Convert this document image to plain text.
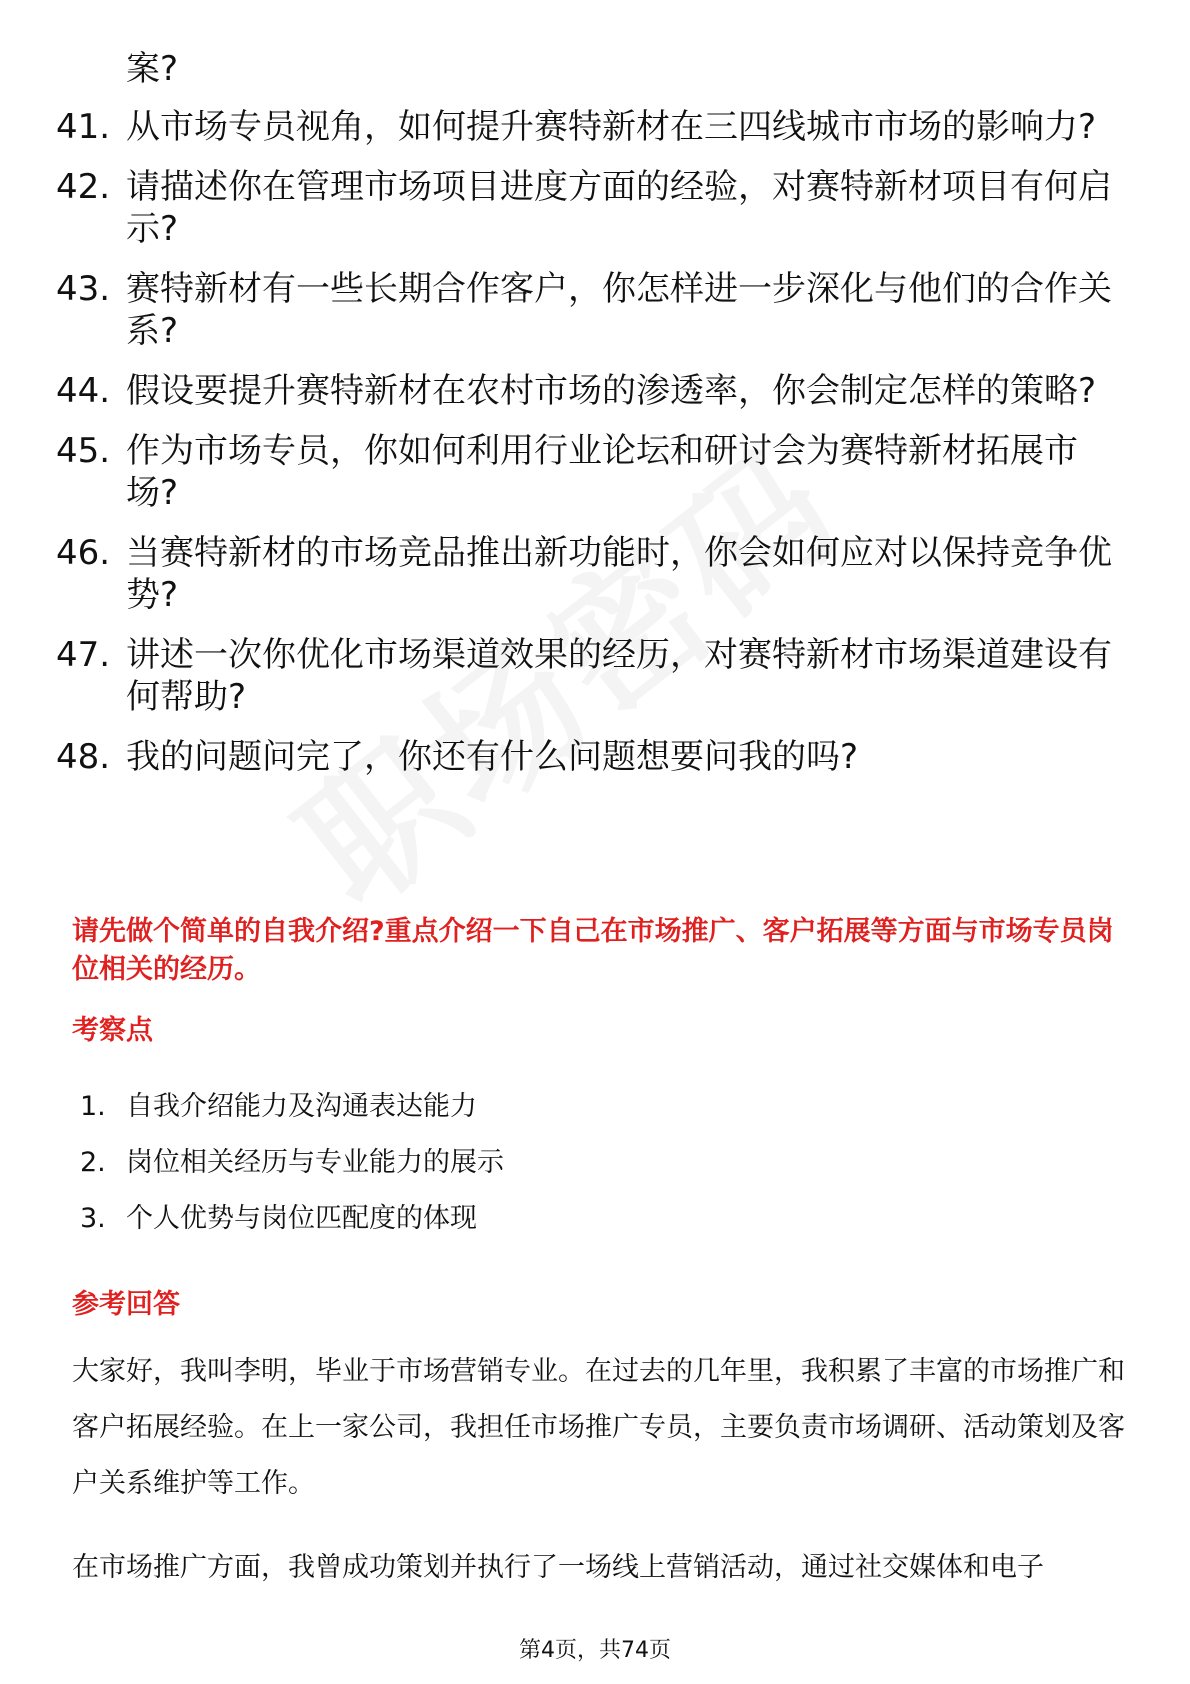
案?
41. 从市场专员视角，如何提升赛特新材在三四线城市市场的影响力?
42. 请描述你在管理市场项目进度方面的经验，对赛特新材项目有何启示?
43. 赛特新材有一些长期合作客户，你怎样进一步深化与他们的合作关系?
44. 假设要提升赛特新材在农村市场的渗透率，你会制定怎样的策略?
45. 作为市场专员，你如何利用行业论坛和研讨会为赛特新材拓展市场?
46. 当赛特新材的市场竞品推出新功能时，你会如何应对以保持竞争优势?
47. 讲述一次你优化市场渠道效果的经历，对赛特新材市场渠道建设有何帮助?
48. 我的问题问完了，你还有什么问题想要问我的吗?
请先做个简单的自我介绍?重点介绍一下自己在市场推广、客户拓展等方面与市场专员岗位相关的经历。
考察点
1. 自我介绍能力及沟通表达能力
2. 岗位相关经历与专业能力的展示
3. 个人优势与岗位匹配度的体现
参考回答
大家好，我叫李明，毕业于市场营销专业。在过去的几年里，我积累了丰富的市场推广和客户拓展经验。在上一家公司，我担任市场推广专员，主要负责市场调研、活动策划及客户关系维护等工作。
在市场推广方面，我曾成功策划并执行了一场线上营销活动，通过社交媒体和电子
第4页，共74页
